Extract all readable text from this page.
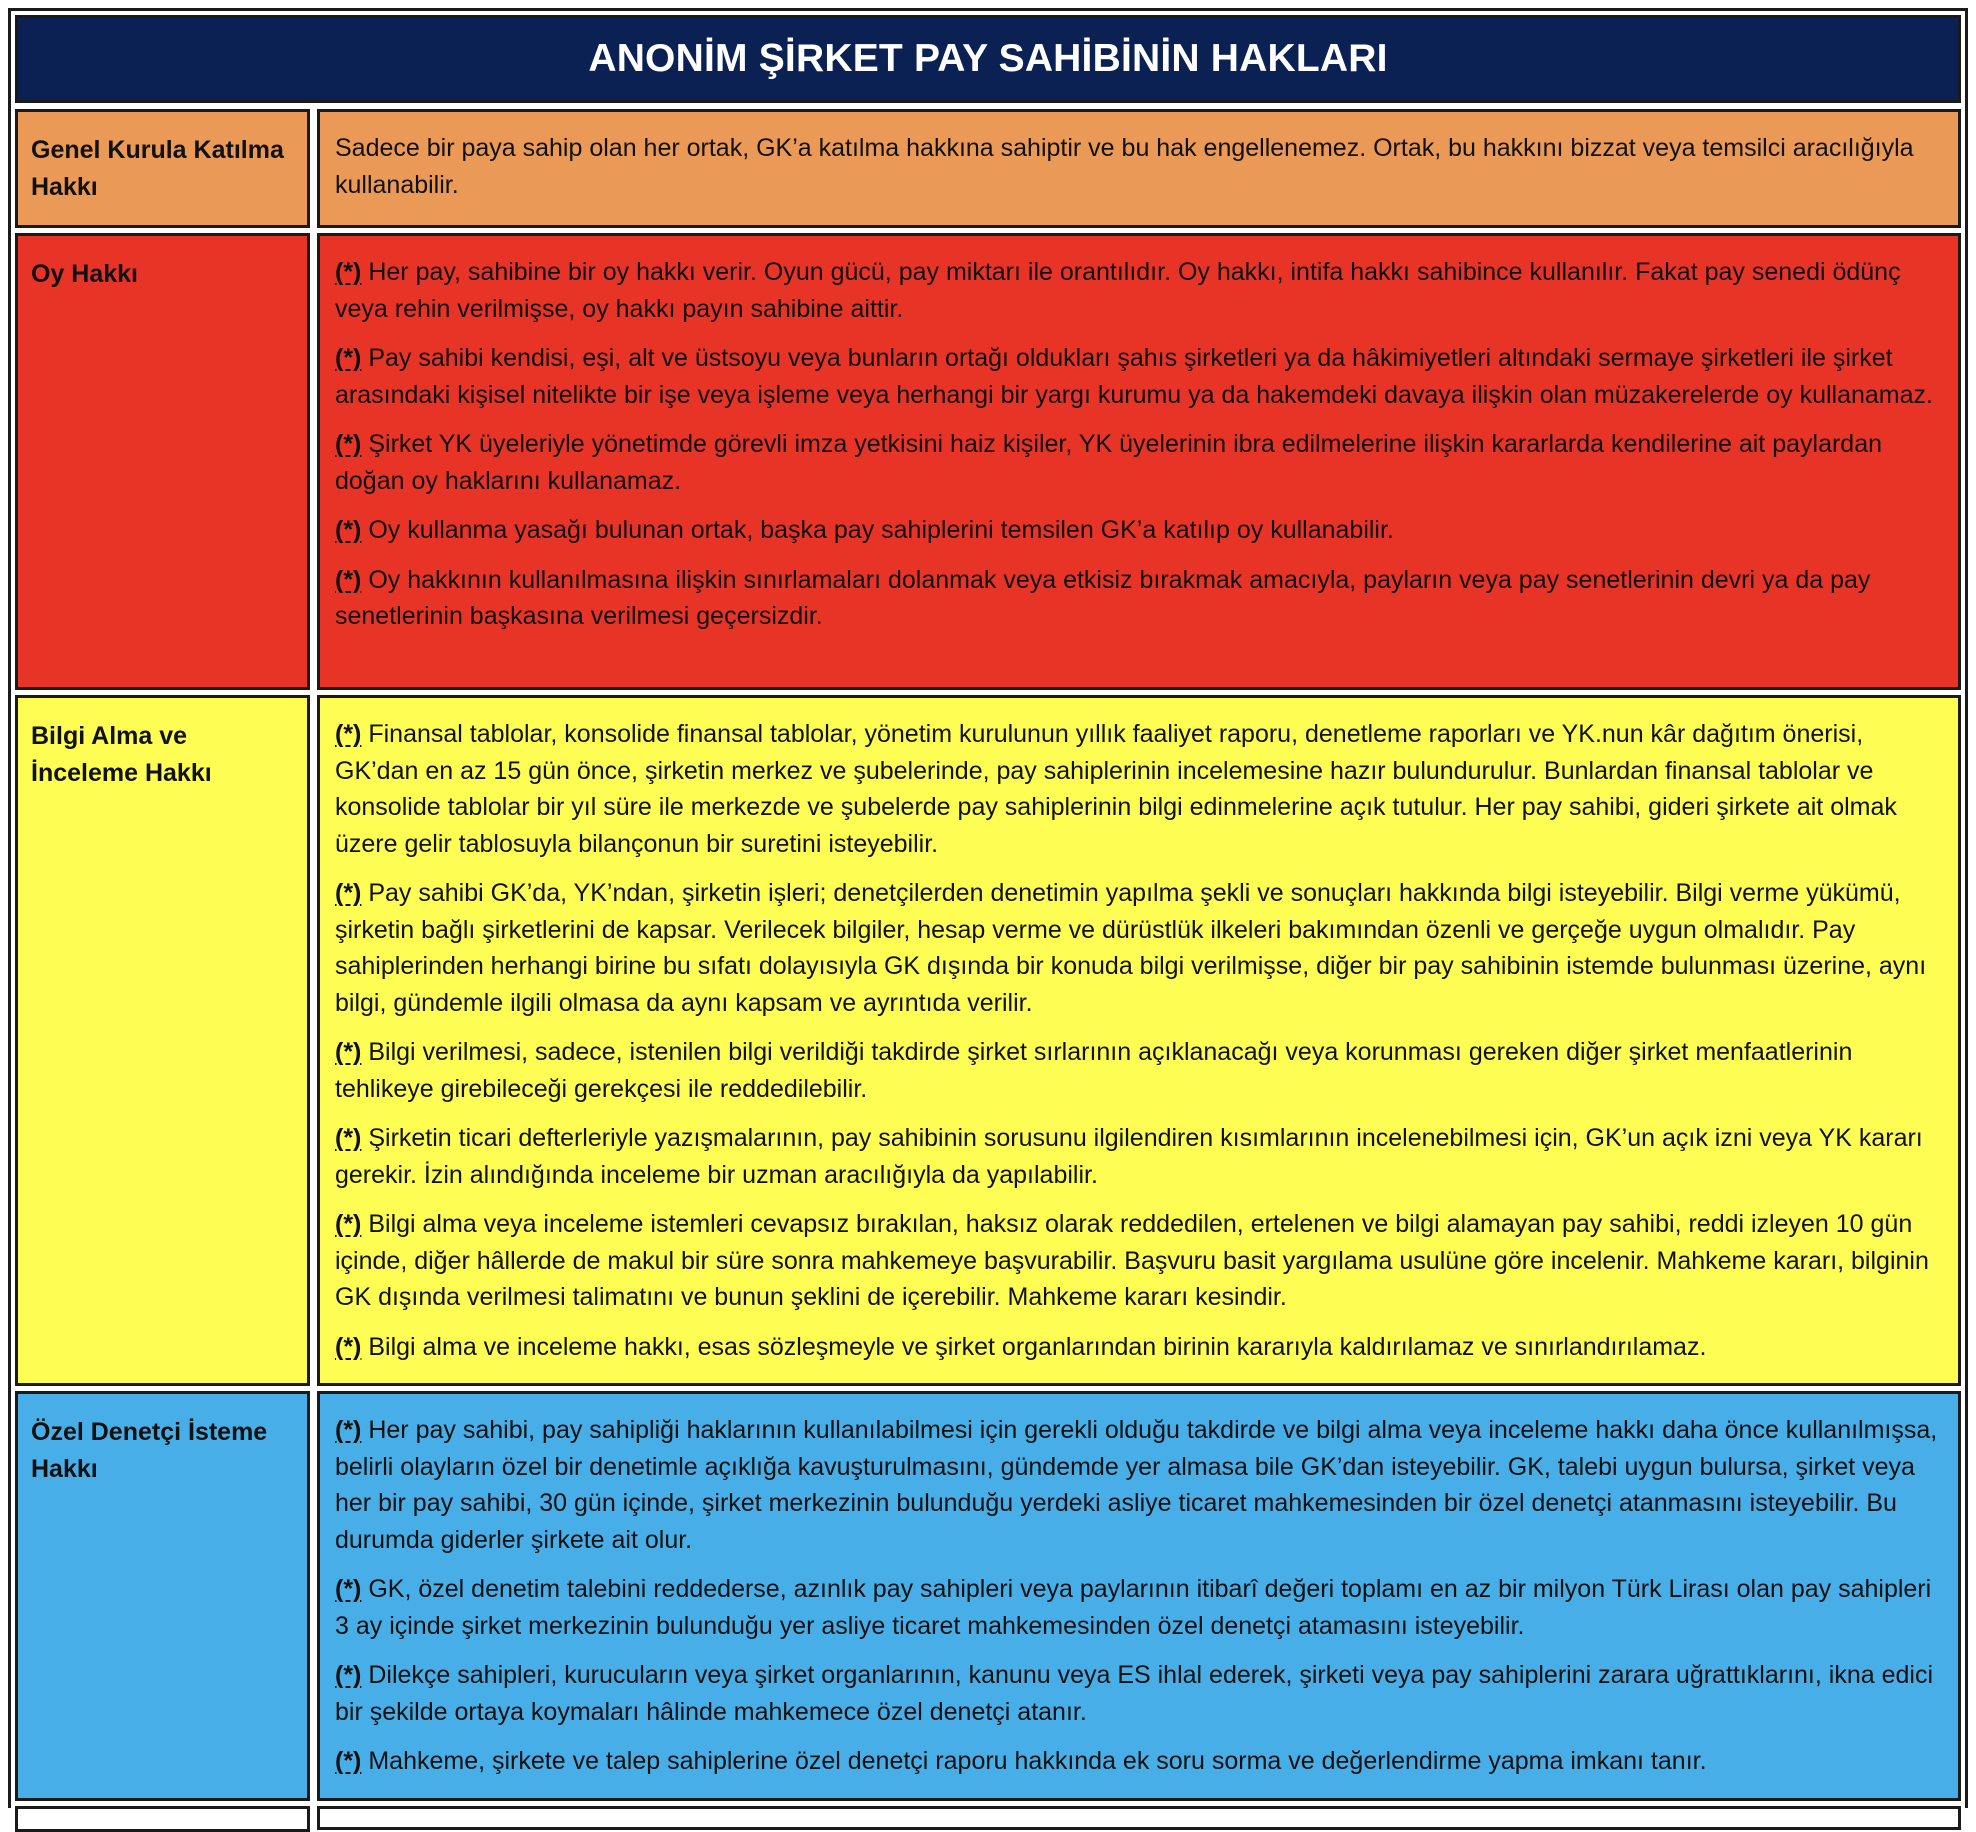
ANONİM ŞİRKET PAY SAHİBİNİN HAKLARI
Genel Kurula Katılma Hakkı

Sadece bir paya sahip olan her ortak, GK’a katılma hakkına sahiptir ve bu hak engellenemez. Ortak, bu hakkını bizzat veya temsilci aracılığıyla kullanabilir.

Oy Hakkı	(*) Her pay, sahibine bir oy hakkı verir. Oyun gücü, pay miktarı ile orantılıdır. Oy hakkı, intifa hakkı sahibince kullanılır. Fakat pay senedi ödünç veya rehin verilmişse, oy hakkı payın sahibine aittir.

(*) Pay sahibi kendisi, eşi, alt ve üstsoyu veya bunların ortağı oldukları şahıs şirketleri ya da hâkimiyetleri altındaki sermaye şirketleri ile şirket arasındaki kişisel nitelikte bir işe veya işleme veya herhangi bir yargı kurumu ya da hakemdeki davaya ilişkin olan müzakerelerde oy kullanamaz.

(*) Şirket YK üyeleriyle yönetimde görevli imza yetkisini haiz kişiler, YK üyelerinin ibra edilmelerine ilişkin kararlarda kendilerine ait paylardan doğan oy haklarını kullanamaz.

(*) Oy kullanma yasağı bulunan ortak, başka pay sahiplerini temsilen GK’a katılıp oy kullanabilir.

(*) Oy hakkının kullanılmasına ilişkin sınırlamaları dolanmak veya etkisiz bırakmak amacıyla, payların veya pay senetlerinin devri ya da pay senetlerinin başkasına verilmesi geçersizdir.

Bilgi Alma ve İnceleme Hakkı

(*) Finansal tablolar, konsolide finansal tablolar, yönetim kurulunun yıllık faaliyet raporu, denetleme raporları ve YK.nun kâr dağıtım önerisi, GK’dan en az 15 gün önce, şirketin merkez ve şubelerinde, pay sahiplerinin incelemesine hazır bulundurulur. Bunlardan finansal tablolar ve konsolide tablolar bir yıl süre ile merkezde ve şubelerde pay sahiplerinin bilgi edinmelerine açık tutulur. Her pay sahibi, gideri şirkete ait olmak üzere gelir tablosuyla bilançonun bir suretini isteyebilir.

(*) Pay sahibi GK’da, YK’ndan, şirketin işleri; denetçilerden denetimin yapılma şekli ve sonuçları hakkında bilgi isteyebilir. Bilgi verme yükümü, şirketin bağlı şirketlerini de kapsar. Verilecek bilgiler, hesap verme ve dürüstlük ilkeleri bakımından özenli ve gerçeğe uygun olmalıdır. Pay sahiplerinden herhangi birine bu sıfatı dolayısıyla GK dışında bir konuda bilgi verilmişse, diğer bir pay sahibinin istemde bulunması üzerine, aynı bilgi, gündemle ilgili olmasa da aynı kapsam ve ayrıntıda verilir.

(*) Bilgi verilmesi, sadece, istenilen bilgi verildiği takdirde şirket sırlarının açıklanacağı veya korunması gereken diğer şirket menfaatlerinin tehlikeye girebileceği gerekçesi ile reddedilebilir.

(*) Şirketin ticari defterleriyle yazışmalarının, pay sahibinin sorusunu ilgilendiren kısımlarının incelenebilmesi için, GK’un açık izni veya YK kararı gerekir. İzin alındığında inceleme bir uzman aracılığıyla da yapılabilir.

(*) Bilgi alma veya inceleme istemleri cevapsız bırakılan, haksız olarak reddedilen, ertelenen ve bilgi alamayan pay sahibi, reddi izleyen 10 gün içinde, diğer hâllerde de makul bir süre sonra mahkemeye başvurabilir. Başvuru basit yargılama usulüne göre incelenir. Mahkeme kararı, bilginin GK dışında verilmesi talimatını ve bunun şeklini de içerebilir. Mahkeme kararı kesindir.

(*) Bilgi alma ve inceleme hakkı, esas sözleşmeyle ve şirket organlarından birinin kararıyla kaldırılamaz ve sınırlandırılamaz.

Özel Denetçi İsteme Hakkı

(*) Her pay sahibi, pay sahipliği haklarının kullanılabilmesi için gerekli olduğu takdirde ve bilgi alma veya inceleme hakkı daha önce kullanılmışsa, belirli olayların özel bir denetimle açıklığa kavuşturulmasını, gündemde yer almasa bile GK’dan isteyebilir. GK, talebi uygun bulursa, şirket veya her bir pay sahibi, 30 gün içinde, şirket merkezinin bulunduğu yerdeki asliye ticaret mahkemesinden bir özel denetçi atanmasını isteyebilir. Bu durumda giderler şirkete ait olur.

(*) GK, özel denetim talebini reddederse, azınlık pay sahipleri veya paylarının itibarî değeri toplamı en az bir milyon Türk Lirası olan pay sahipleri 3 ay içinde şirket merkezinin bulunduğu yer asliye ticaret mahkemesinden özel denetçi atamasını isteyebilir.

(*) Dilekçe sahipleri, kurucuların veya şirket organlarının, kanunu veya ES ihlal ederek, şirketi veya pay sahiplerini zarara uğrattıklarını, ikna edici bir şekilde ortaya koymaları hâlinde mahkemece özel denetçi atanır.

(*) Mahkeme, şirkete ve talep sahiplerine özel denetçi raporu hakkında ek soru sorma ve değerlendirme yapma imkanı tanır.
